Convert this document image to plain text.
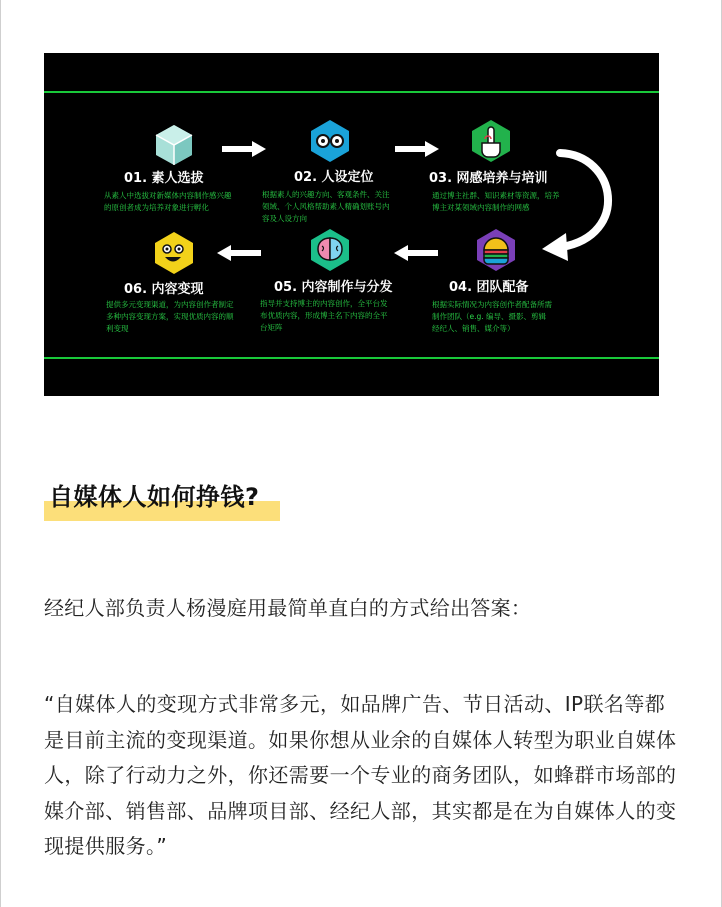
01. 素人选拔
从素人中选拔对新媒体内容制作感兴趣的原创者成为培养对象进行孵化
02. 人设定位
根据素人的兴趣方向、客观条件、关注领域、个人风格帮助素人精确划账号内容及人设方向
03. 网感培养与培训
通过博主社群、知识素材等资源，培养博主对某领域内容制作的网感
04. 团队配备
根据实际情况为内容创作者配备所需制作团队（e.g. 编导、摄影、剪辑经纪人、销售、媒介等）
05. 内容制作与分发
指导并支持博主的内容创作，全平台发布优质内容，形成博主名下内容的全平台矩阵
06. 内容变现
提供多元变现渠道，为内容创作者制定多种内容变现方案，实现优质内容的顺利变现
自媒体人如何挣钱?
经纪人部负责人杨漫庭用最简单直白的方式给出答案：
“自媒体人的变现方式非常多元，如品牌广告、节日活动、IP联名等都是目前主流的变现渠道。如果你想从业余的自媒体人转型为职业自媒体人，除了行动力之外，你还需要一个专业的商务团队，如蜂群市场部的媒介部、销售部、品牌项目部、经纪人部，其实都是在为自媒体人的变现提供服务。”
